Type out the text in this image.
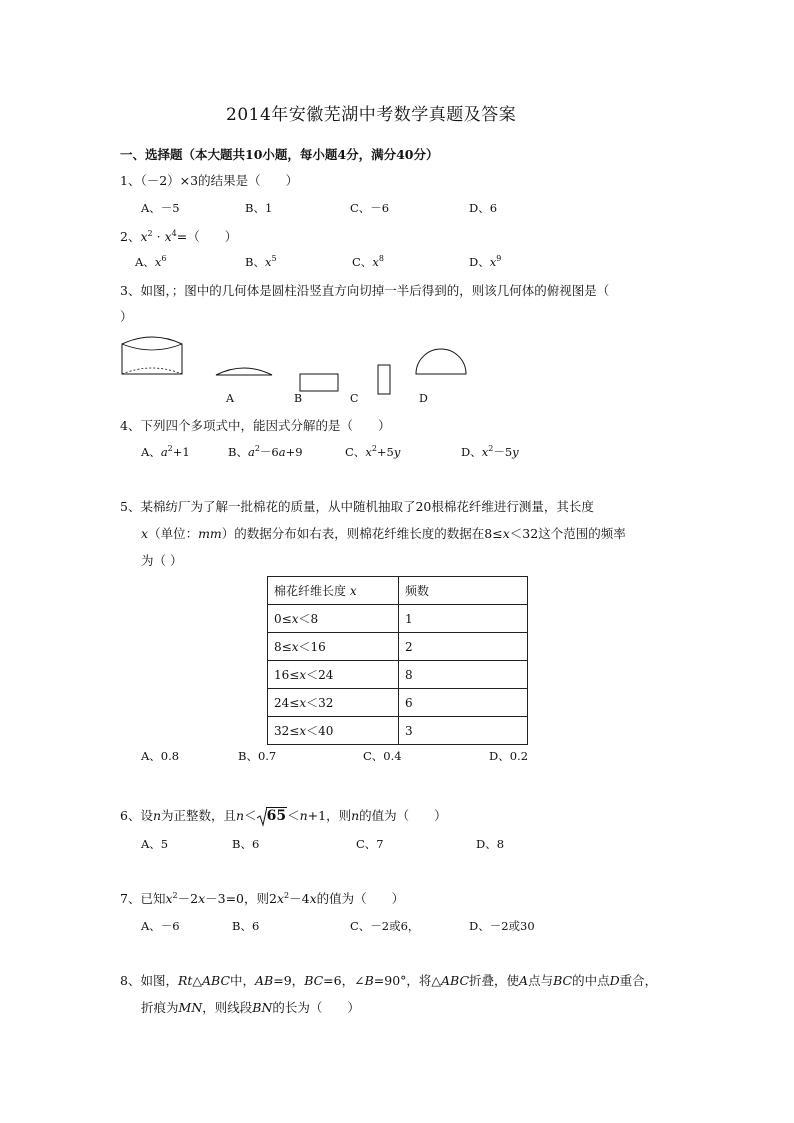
2014年安徽芜湖中考数学真题及答案
一、选择题（本大题共10小题，每小题4分，满分40分）
1、（－2）×3的结果是（　　）
A、－5	B、1	C、－6	D、6
2、$x^2 \cdot x^4=$（　　）
A、$x^6$	B、$x^5$	C、$x^8$	D、$x^9$
3、如图，；图中的几何体是圆柱沿竖直方向切掉一半后得到的，则该几何体的俯视图是（
）
A	B	C	D
4、下列四个多项式中，能因式分解的是（　　）
A、$a^2+1$	B、$a^2-6a+9$	C、$x^2+5y$	D、$x^2-5y$
5、某棉纺厂为了解一批棉花的质量，从中随机抽取了20根棉花纤维进行测量，其长度
x（单位：mm）的数据分布如右表，则棉花纤维长度的数据在8≤x＜32这个范围的频率
为（ ）
棉花纤维长度 x	频数
0≤x＜8	1
8≤x＜16	2
16≤x＜24	8
24≤x＜32	6
32≤x＜40	3
A、0.8	B、0.7	C、0.4	D、0.2
6、设n为正整数，且n＜ 65＜n+1，则n的值为（　　）
A、5	B、6	C、7	D、8
7、已知$x^2-2x-3=0$，则$2x^2-4x$的值为（　　）
A、－6	B、6	C、－2或6，	D、－2或30
8、如图，Rt△ABC中，AB=9，BC=6，∠B=90°，将△ABC折叠，使A点与BC的中点D重合，
折痕为MN，则线段BN的长为（　　）
